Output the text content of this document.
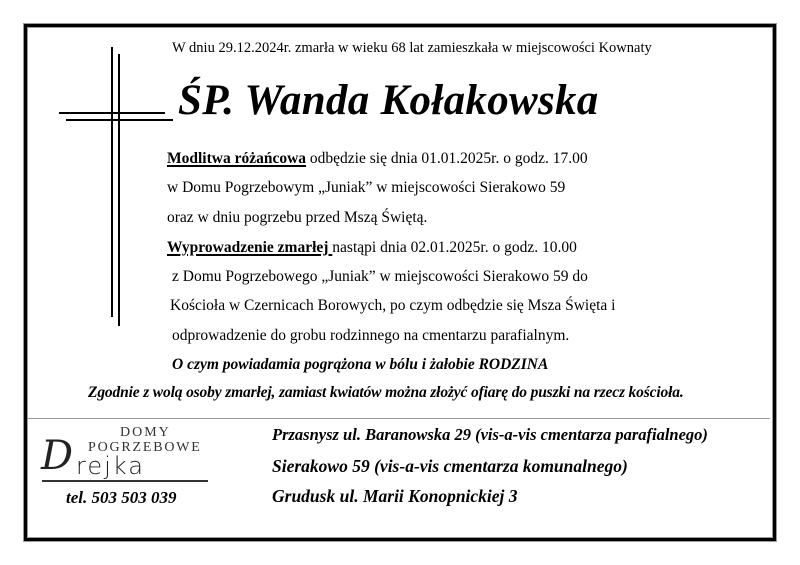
W dniu 29.12.2024r. zmarła w wieku 68 lat zamieszkała w miejscowości Kownaty
ŚP. Wanda Kołakowska
Modlitwa różańcowa odbędzie się dnia 01.01.2025r. o godz. 17.00
w Domu Pogrzebowym „Juniak” w miejscowości Sierakowo 59
oraz w dniu pogrzebu przed Mszą Świętą.
Wyprowadzenie zmarłej nastąpi dnia 02.01.2025r. o godz. 10.00
z Domu Pogrzebowego „Juniak” w miejscowości Sierakowo 59 do
Kościoła w Czernicach Borowych, po czym odbędzie się Msza Święta i
odprowadzenie do grobu rodzinnego na cmentarzu parafialnym.
O czym powiadamia pogrążona w bólu i żałobie RODZINA
Zgodnie z wolą osoby zmarłej, zamiast kwiatów można złożyć ofiarę do puszki na rzecz kościoła.
DOMY
POGRZEBOWE
D rejka
tel. 503 503 039
Przasnysz ul. Baranowska 29 (vis-a-vis cmentarza parafialnego)
Sierakowo 59 (vis-a-vis cmentarza komunalnego)
Grudusk ul. Marii Konopnickiej 3
